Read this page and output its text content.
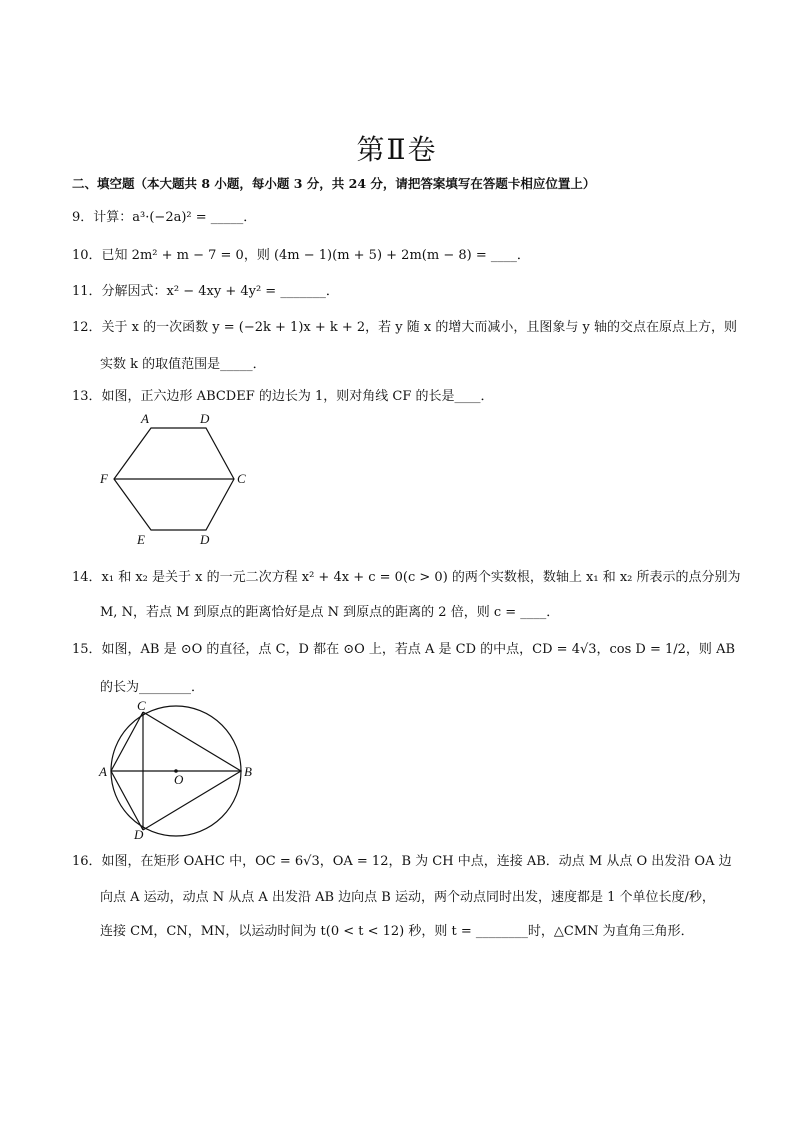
第Ⅱ卷
二、填空题（本大题共 8 小题，每小题 3 分，共 24 分，请把答案填写在答题卡相应位置上）
9．计算：a³·(−2a)² = _____．
10．已知 2m² + m − 7 = 0，则 (4m − 1)(m + 5) + 2m(m − 8) = ____．
11．分解因式：x² − 4xy + 4y² = _______．
12．关于 x 的一次函数 y = (−2k + 1)x + k + 2，若 y 随 x 的增大而减小，且图象与 y 轴的交点在原点上方，则
实数 k 的取值范围是_____．
13．如图，正六边形 ABCDEF 的边长为 1，则对角线 CF 的长是____．
A	D
F	C
E	D
14．x₁ 和 x₂ 是关于 x 的一元二次方程 x² + 4x + c = 0(c > 0) 的两个实数根，数轴上 x₁ 和 x₂ 所表示的点分别为
M, N，若点 M 到原点的距离恰好是点 N 到原点的距离的 2 倍，则 c = ____．
15．如图，AB 是 ⊙O 的直径，点 C，D 都在 ⊙O 上，若点 A 是 CD 的中点，CD = 4√3，cos D = 1/2，则 AB
的长为________．
C
A
O
B
D
16．如图，在矩形 OAHC 中，OC = 6√3，OA = 12，B 为 CH 中点，连接 AB．动点 M 从点 O 出发沿 OA 边
向点 A 运动，动点 N 从点 A 出发沿 AB 边向点 B 运动，两个动点同时出发，速度都是 1 个单位长度/秒，
连接 CM，CN，MN，以运动时间为 t(0 < t < 12) 秒，则 t = ________时，△CMN 为直角三角形．
